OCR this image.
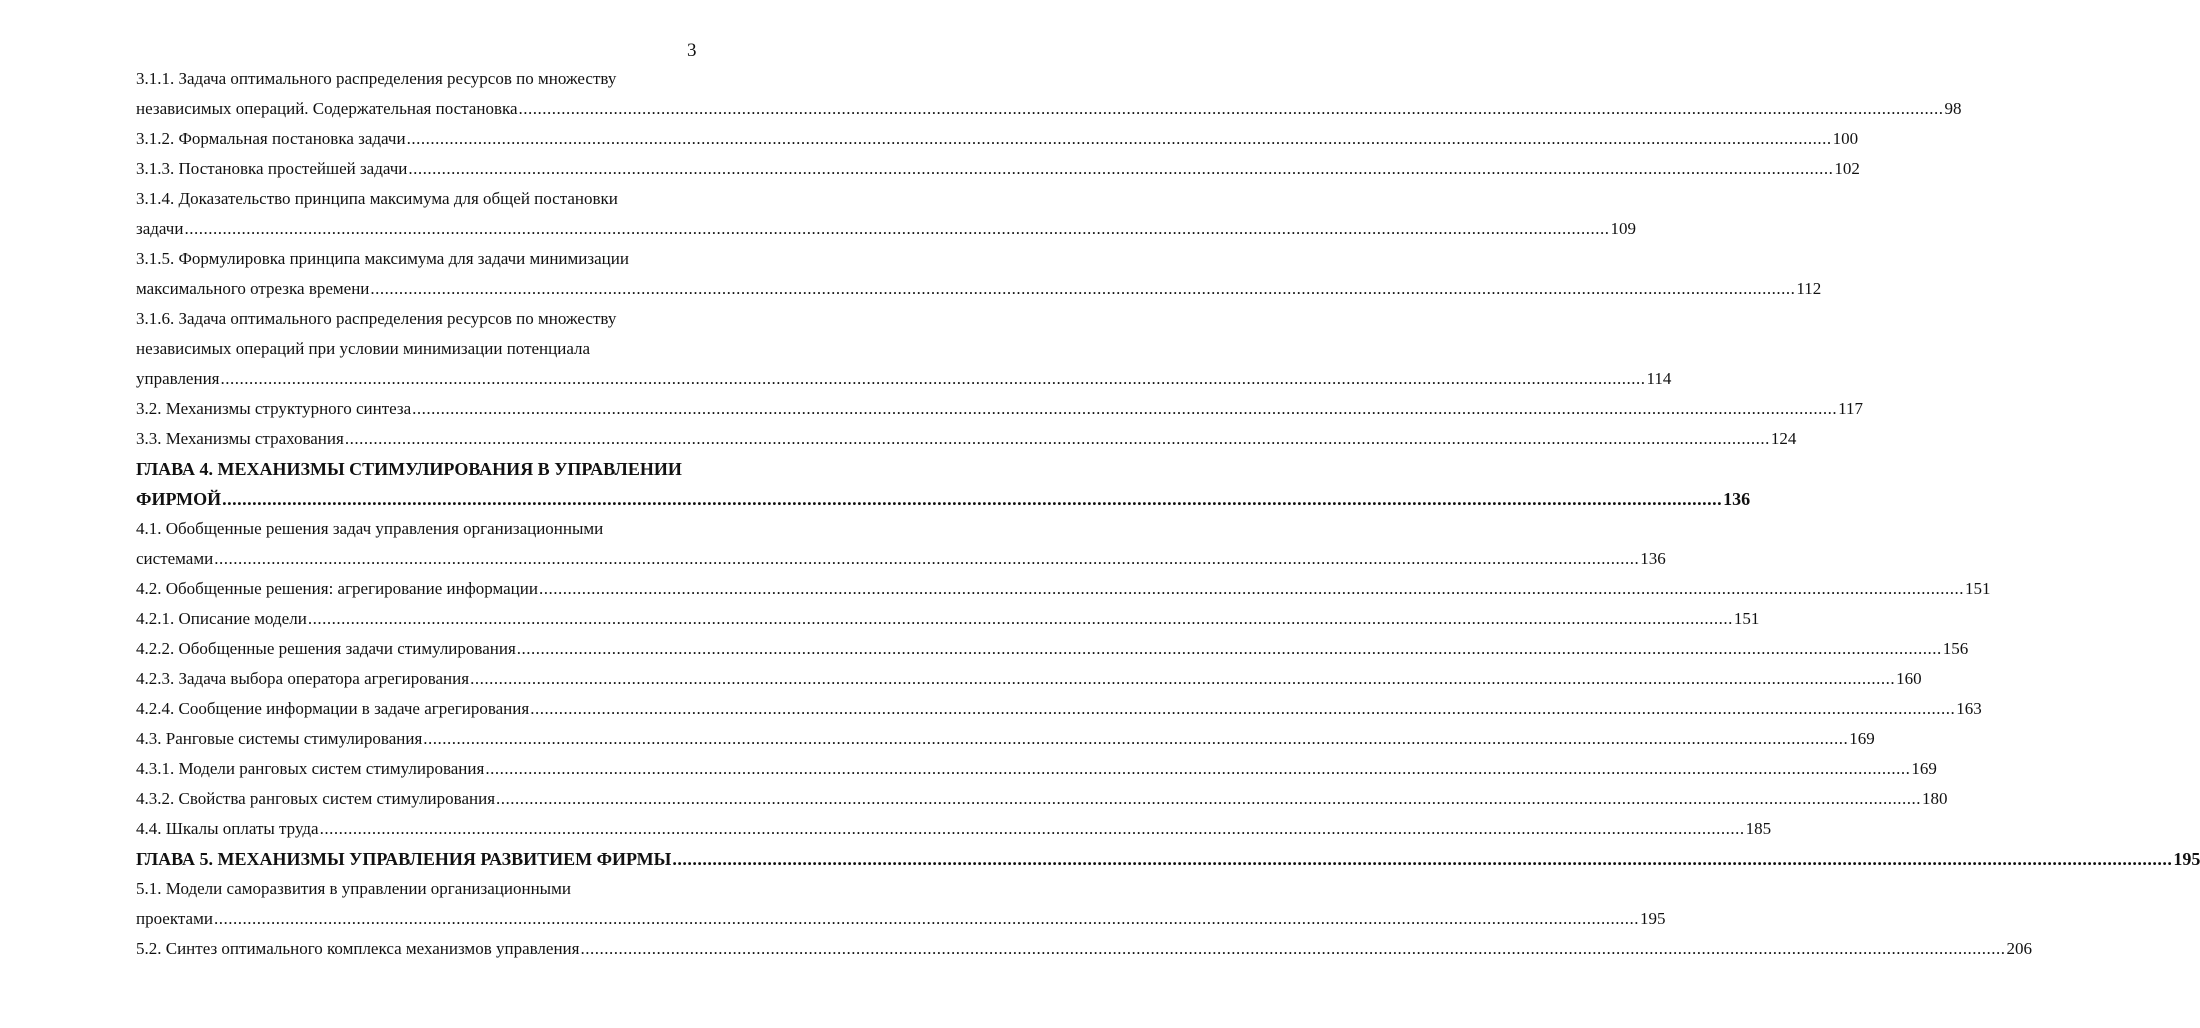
3
3.1.1. Задача оптимального распределения ресурсов по множеству
независимых операций. Содержательная постановка ............................................................................................................................................................................................................................................................................................................ 98
3.1.2. Формальная постановка задачи ............................................................................................................................................................................................................................................................................................................ 100
3.1.3. Постановка простейшей задачи ............................................................................................................................................................................................................................................................................................................ 102
3.1.4. Доказательство принципа максимума для общей постановки
задачи ............................................................................................................................................................................................................................................................................................................ 109
3.1.5. Формулировка принципа максимума для задачи минимизации
максимального отрезка времени ............................................................................................................................................................................................................................................................................................................ 112
3.1.6. Задача оптимального распределения ресурсов по множеству
независимых операций при условии минимизации потенциала
управления ............................................................................................................................................................................................................................................................................................................ 114
3.2. Механизмы структурного синтеза ............................................................................................................................................................................................................................................................................................................ 117
3.3. Механизмы страхования ............................................................................................................................................................................................................................................................................................................ 124
ГЛАВА 4. МЕХАНИЗМЫ СТИМУЛИРОВАНИЯ В УПРАВЛЕНИИ
ФИРМОЙ ............................................................................................................................................................................................................................................................................................................ 136
4.1. Обобщенные решения задач управления организационными
системами ............................................................................................................................................................................................................................................................................................................ 136
4.2. Обобщенные решения: агрегирование информации ............................................................................................................................................................................................................................................................................................................ 151
4.2.1. Описание модели ............................................................................................................................................................................................................................................................................................................ 151
4.2.2. Обобщенные решения задачи стимулирования ............................................................................................................................................................................................................................................................................................................ 156
4.2.3. Задача выбора оператора агрегирования ............................................................................................................................................................................................................................................................................................................ 160
4.2.4. Сообщение информации в задаче агрегирования ............................................................................................................................................................................................................................................................................................................ 163
4.3. Ранговые системы стимулирования ............................................................................................................................................................................................................................................................................................................ 169
4.3.1. Модели ранговых систем стимулирования ............................................................................................................................................................................................................................................................................................................ 169
4.3.2. Свойства ранговых систем стимулирования ............................................................................................................................................................................................................................................................................................................ 180
4.4. Шкалы оплаты труда ............................................................................................................................................................................................................................................................................................................ 185
ГЛАВА 5. МЕХАНИЗМЫ УПРАВЛЕНИЯ РАЗВИТИЕМ ФИРМЫ ............................................................................................................................................................................................................................................................................................................ 195
5.1. Модели саморазвития в управлении организационными
проектами ............................................................................................................................................................................................................................................................................................................ 195
5.2. Синтез оптимального комплекса механизмов управления ............................................................................................................................................................................................................................................................................................................ 206
